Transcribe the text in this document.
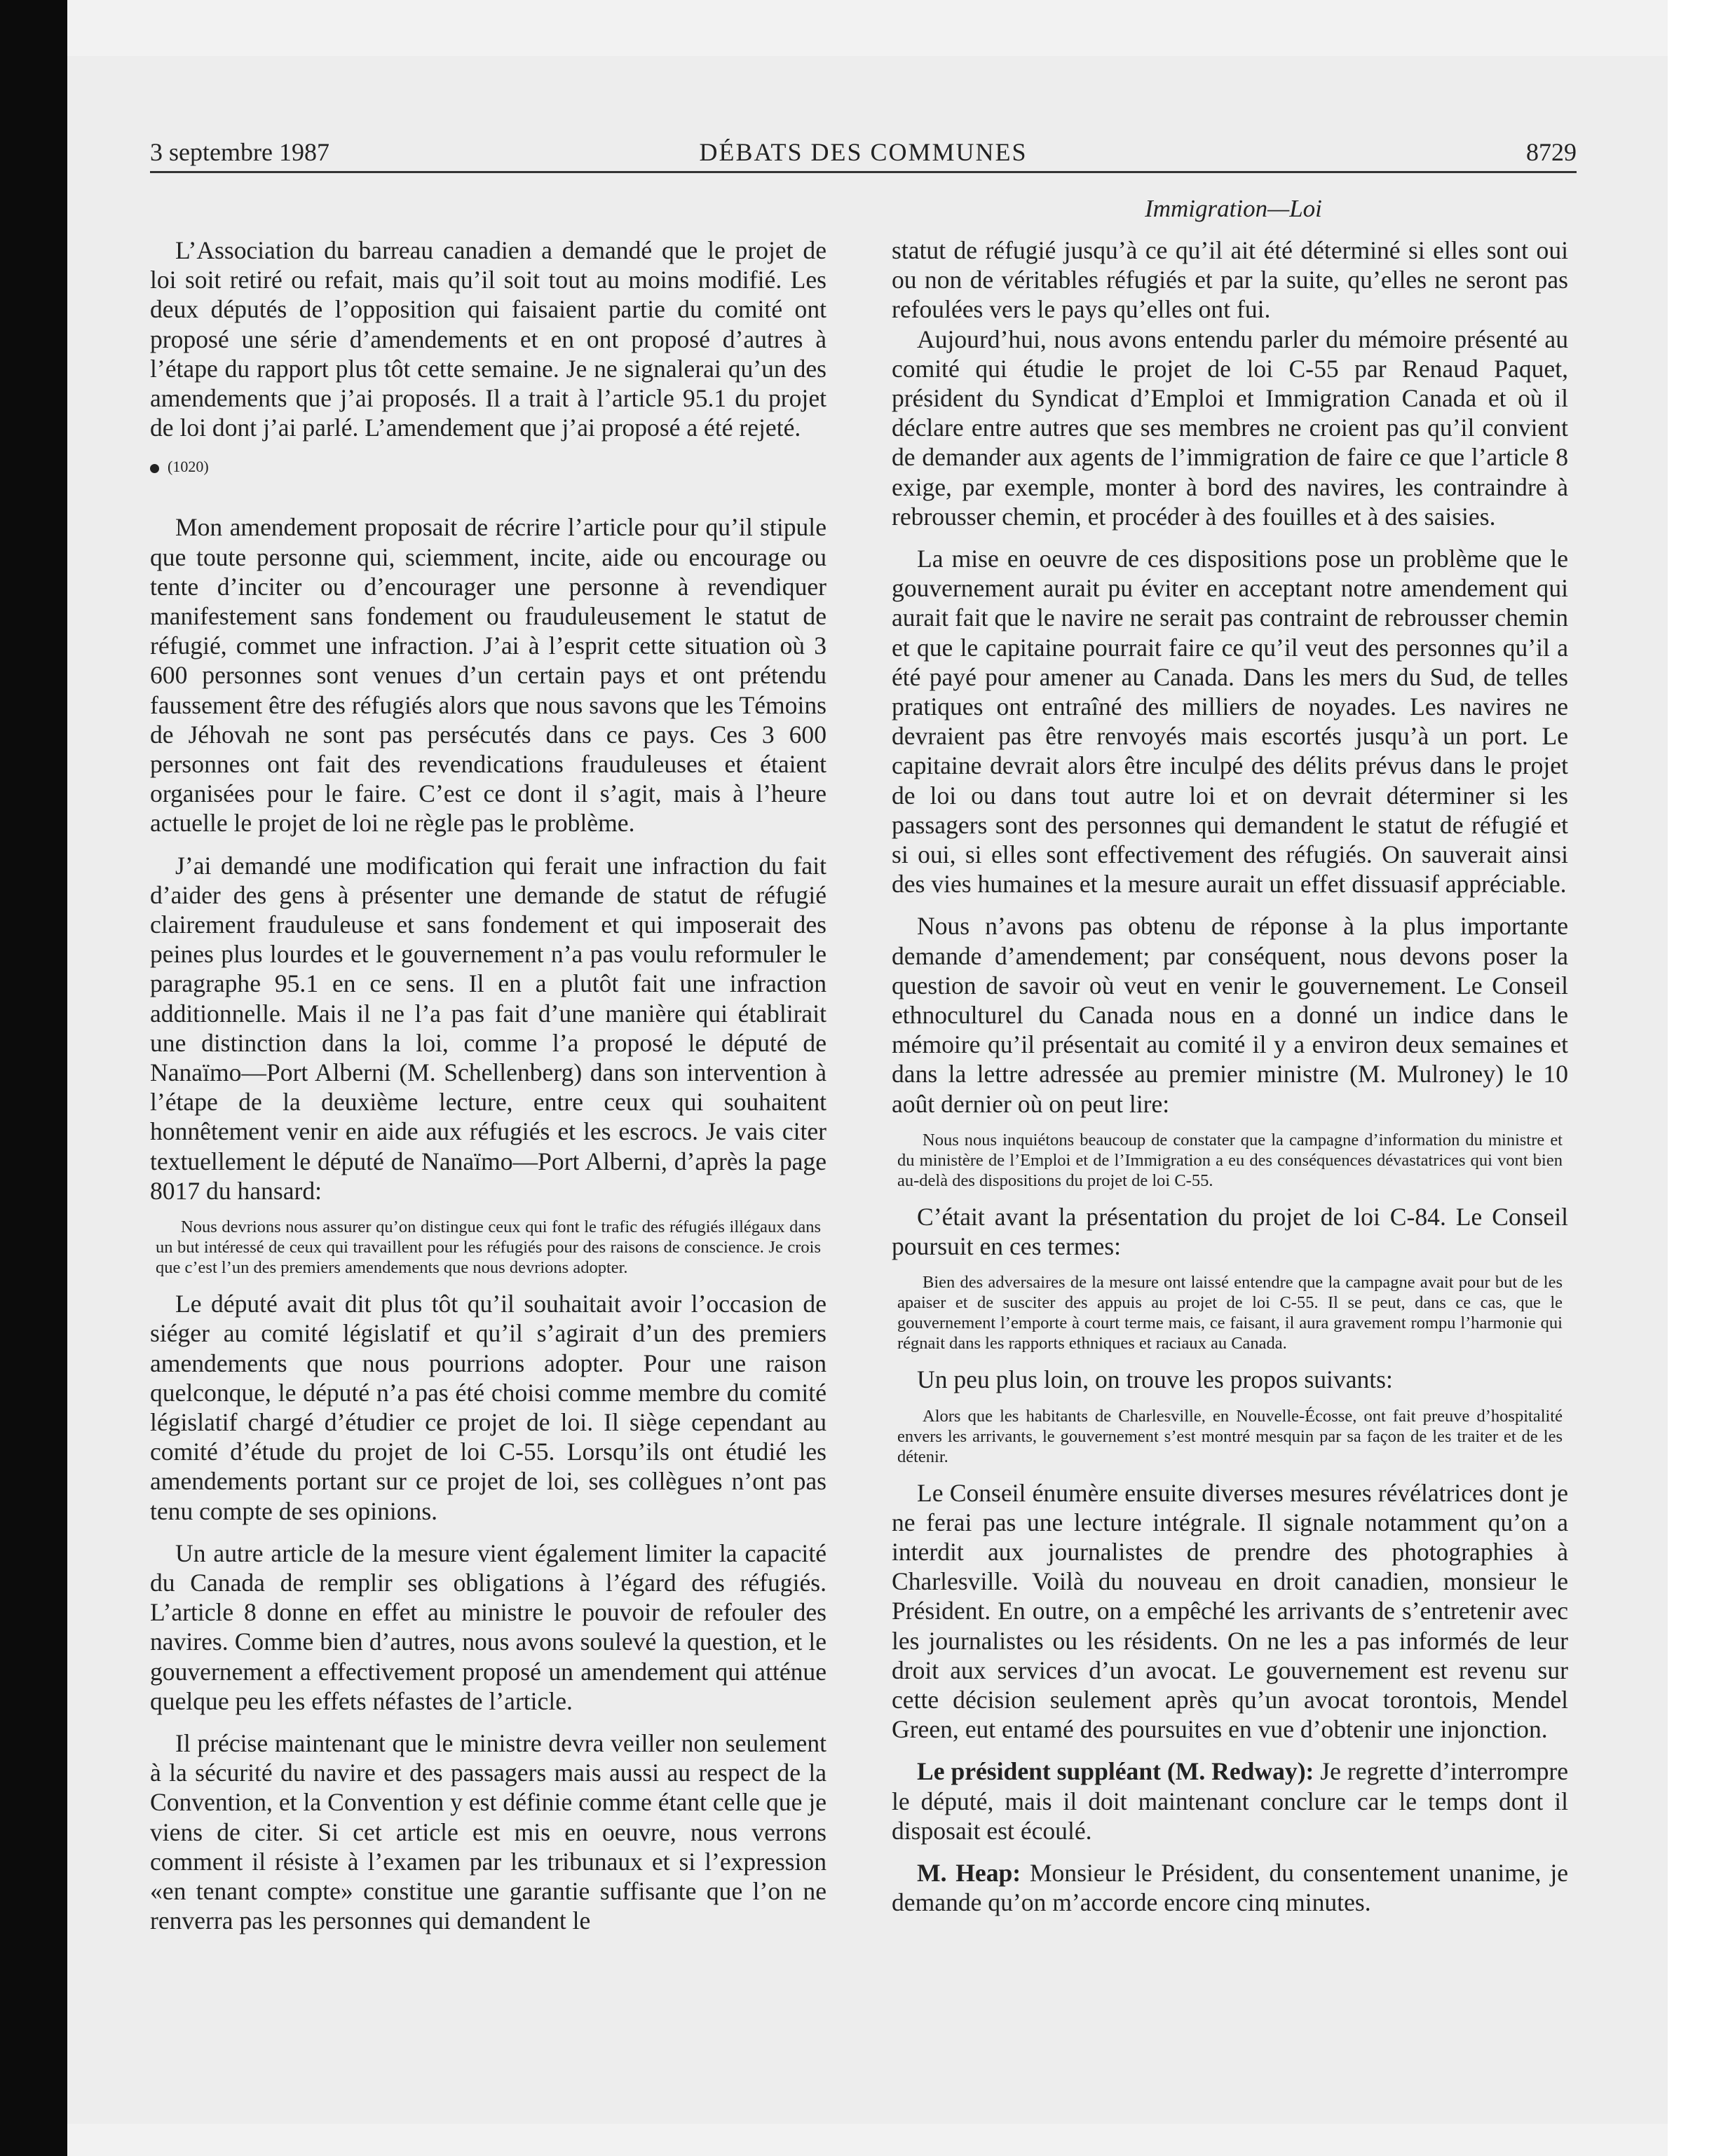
3 septembre 1987	DÉBATS DES COMMUNES	8729
Immigration—Loi

L’Association du barreau canadien a demandé que le projet de loi soit retiré ou refait, mais qu’il soit tout au moins modifié. Les deux députés de l’opposition qui faisaient partie du comité ont proposé une série d’amendements et en ont proposé d’autres à l’étape du rapport plus tôt cette semaine. Je ne signalerai qu’un des amendements que j’ai proposés. Il a trait à l’article 95.1 du projet de loi dont j’ai parlé. L’amendement que j’ai proposé a été rejeté.

(1020)

Mon amendement proposait de récrire l’article pour qu’il stipule que toute personne qui, sciemment, incite, aide ou encourage ou tente d’inciter ou d’encourager une personne à revendiquer manifestement sans fondement ou frauduleusement le statut de réfugié, commet une infraction. J’ai à l’esprit cette situation où 3 600 personnes sont venues d’un certain pays et ont prétendu faussement être des réfugiés alors que nous savons que les Témoins de Jéhovah ne sont pas persécutés dans ce pays. Ces 3 600 personnes ont fait des revendications frauduleuses et étaient organisées pour le faire. C’est ce dont il s’agit, mais à l’heure actuelle le projet de loi ne règle pas le problème.

J’ai demandé une modification qui ferait une infraction du fait d’aider des gens à présenter une demande de statut de réfugié clairement frauduleuse et sans fondement et qui imposerait des peines plus lourdes et le gouvernement n’a pas voulu reformuler le paragraphe 95.1 en ce sens. Il en a plutôt fait une infraction additionnelle. Mais il ne l’a pas fait d’une manière qui établirait une distinction dans la loi, comme l’a proposé le député de Nanaïmo—Port Alberni (M. Schellenberg) dans son intervention à l’étape de la deuxième lecture, entre ceux qui souhaitent honnêtement venir en aide aux réfugiés et les escrocs. Je vais citer textuellement le député de Nanaïmo—Port Alberni, d’après la page 8017 du hansard:

Nous devrions nous assurer qu’on distingue ceux qui font le trafic des réfugiés illégaux dans un but intéressé de ceux qui travaillent pour les réfugiés pour des raisons de conscience. Je crois que c’est l’un des premiers amendements que nous devrions adopter.

Le député avait dit plus tôt qu’il souhaitait avoir l’occasion de siéger au comité législatif et qu’il s’agirait d’un des premiers amendements que nous pourrions adopter. Pour une raison quelconque, le député n’a pas été choisi comme membre du comité législatif chargé d’étudier ce projet de loi. Il siège cependant au comité d’étude du projet de loi C-55. Lorsqu’ils ont étudié les amendements portant sur ce projet de loi, ses collègues n’ont pas tenu compte de ses opinions.

Un autre article de la mesure vient également limiter la capacité du Canada de remplir ses obligations à l’égard des réfugiés. L’article 8 donne en effet au ministre le pouvoir de refouler des navires. Comme bien d’autres, nous avons soulevé la question, et le gouvernement a effectivement proposé un amendement qui atténue quelque peu les effets néfastes de l’article.

Il précise maintenant que le ministre devra veiller non seulement à la sécurité du navire et des passagers mais aussi au respect de la Convention, et la Convention y est définie comme étant celle que je viens de citer. Si cet article est mis en oeuvre, nous verrons comment il résiste à l’examen par les tribunaux et si l’expression «en tenant compte» constitue une garantie suffisante que l’on ne renverra pas les personnes qui demandent le

statut de réfugié jusqu’à ce qu’il ait été déterminé si elles sont oui ou non de véritables réfugiés et par la suite, qu’elles ne seront pas refoulées vers le pays qu’elles ont fui.

Aujourd’hui, nous avons entendu parler du mémoire présenté au comité qui étudie le projet de loi C-55 par Renaud Paquet, président du Syndicat d’Emploi et Immigration Canada et où il déclare entre autres que ses membres ne croient pas qu’il convient de demander aux agents de l’immigration de faire ce que l’article 8 exige, par exemple, monter à bord des navires, les contraindre à rebrousser chemin, et procéder à des fouilles et à des saisies.

La mise en oeuvre de ces dispositions pose un problème que le gouvernement aurait pu éviter en acceptant notre amendement qui aurait fait que le navire ne serait pas contraint de rebrousser chemin et que le capitaine pourrait faire ce qu’il veut des personnes qu’il a été payé pour amener au Canada. Dans les mers du Sud, de telles pratiques ont entraîné des milliers de noyades. Les navires ne devraient pas être renvoyés mais escortés jusqu’à un port. Le capitaine devrait alors être inculpé des délits prévus dans le projet de loi ou dans tout autre loi et on devrait déterminer si les passagers sont des personnes qui demandent le statut de réfugié et si oui, si elles sont effectivement des réfugiés. On sauverait ainsi des vies humaines et la mesure aurait un effet dissuasif appréciable.

Nous n’avons pas obtenu de réponse à la plus importante demande d’amendement; par conséquent, nous devons poser la question de savoir où veut en venir le gouvernement. Le Conseil ethnoculturel du Canada nous en a donné un indice dans le mémoire qu’il présentait au comité il y a environ deux semaines et dans la lettre adressée au premier ministre (M. Mulroney) le 10 août dernier où on peut lire:

Nous nous inquiétons beaucoup de constater que la campagne d’information du ministre et du ministère de l’Emploi et de l’Immigration a eu des conséquences dévastatrices qui vont bien au-delà des dispositions du projet de loi C-55.

C’était avant la présentation du projet de loi C-84. Le Conseil poursuit en ces termes:

Bien des adversaires de la mesure ont laissé entendre que la campagne avait pour but de les apaiser et de susciter des appuis au projet de loi C-55. Il se peut, dans ce cas, que le gouvernement l’emporte à court terme mais, ce faisant, il aura gravement rompu l’harmonie qui régnait dans les rapports ethniques et raciaux au Canada.

Un peu plus loin, on trouve les propos suivants:

Alors que les habitants de Charlesville, en Nouvelle-Écosse, ont fait preuve d’hospitalité envers les arrivants, le gouvernement s’est montré mesquin par sa façon de les traiter et de les détenir.

Le Conseil énumère ensuite diverses mesures révélatrices dont je ne ferai pas une lecture intégrale. Il signale notamment qu’on a interdit aux journalistes de prendre des photographies à Charlesville. Voilà du nouveau en droit canadien, monsieur le Président. En outre, on a empêché les arrivants de s’entretenir avec les journalistes ou les résidents. On ne les a pas informés de leur droit aux services d’un avocat. Le gouvernement est revenu sur cette décision seulement après qu’un avocat torontois, Mendel Green, eut entamé des poursuites en vue d’obtenir une injonction.

Le président suppléant (M. Redway): Je regrette d’interrompre le député, mais il doit maintenant conclure car le temps dont il disposait est écoulé.

M. Heap: Monsieur le Président, du consentement unanime, je demande qu’on m’accorde encore cinq minutes.
